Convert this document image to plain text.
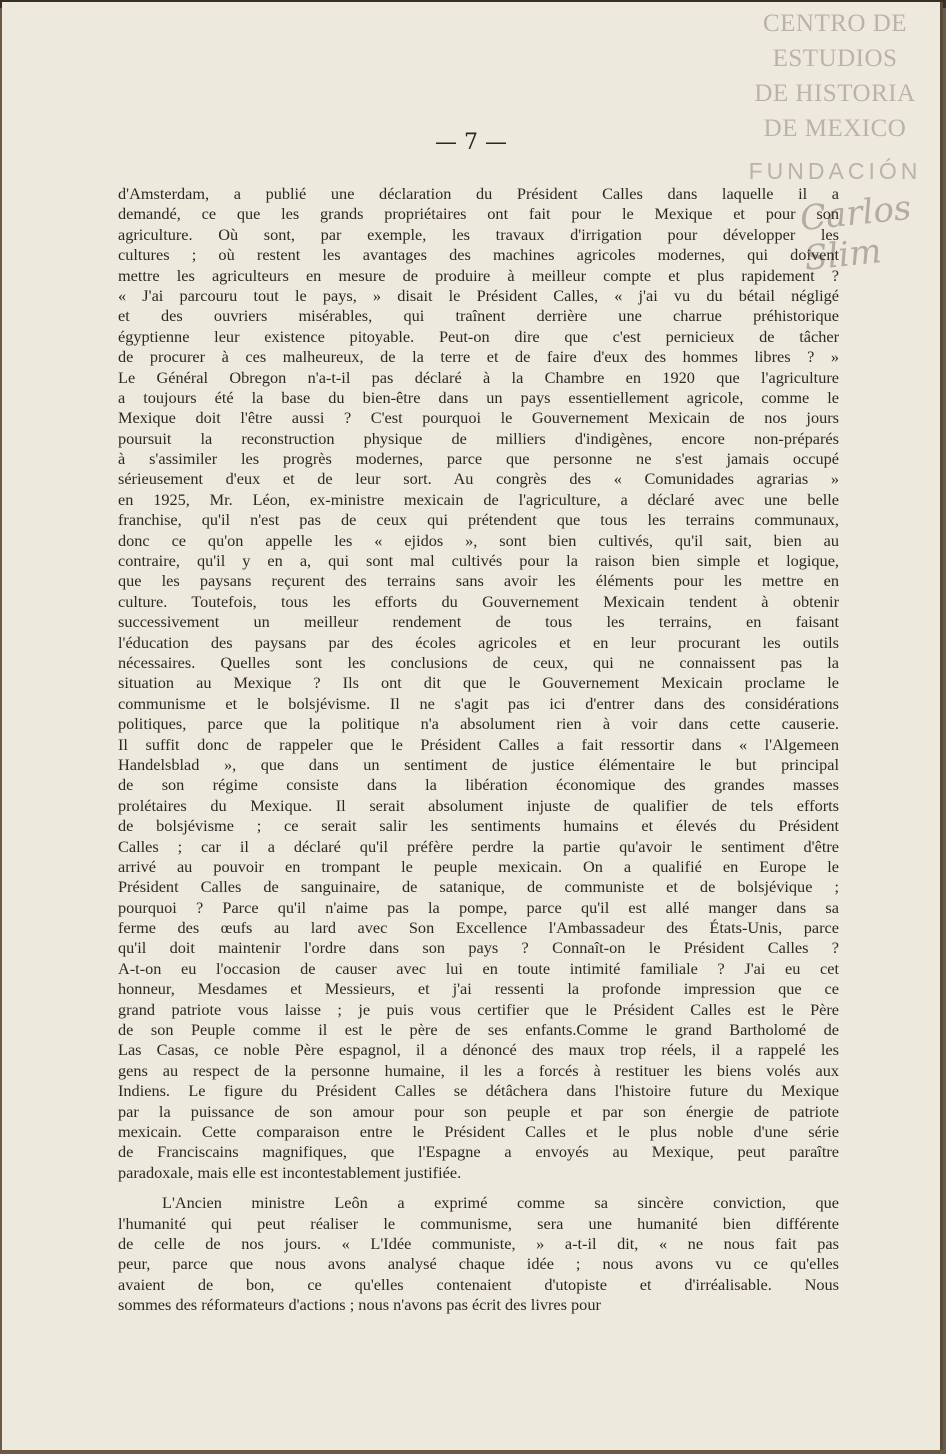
CENTRO DE
ESTUDIOS
DE HISTORIA
DE MEXICO
FUNDACIÓN
Carlos Slim
— 7 —
d'Amsterdam, a publié une déclaration du Président Calles dans laquelle il a
demandé, ce que les grands propriétaires ont fait pour le Mexique et pour son
agriculture. Où sont, par exemple, les travaux d'irrigation pour développer les
cultures ; où restent les avantages des machines agricoles modernes, qui doivent
mettre les agriculteurs en mesure de produire à meilleur compte et plus rapidement ?
« J'ai parcouru tout le pays, » disait le Président Calles, « j'ai vu du bétail négligé
et des ouvriers misérables, qui traînent derrière une charrue préhistorique
égyptienne leur existence pitoyable. Peut-on dire que c'est pernicieux de tâcher
de procurer à ces malheureux, de la terre et de faire d'eux des hommes libres ? »
Le Général Obregon n'a-t-il pas déclaré à la Chambre en 1920 que l'agriculture
a toujours été la base du bien-être dans un pays essentiellement agricole, comme le
Mexique doit l'être aussi ? C'est pourquoi le Gouvernement Mexicain de nos jours
poursuit la reconstruction physique de milliers d'indigènes, encore non-préparés
à s'assimiler les progrès modernes, parce que personne ne s'est jamais occupé
sérieusement d'eux et de leur sort. Au congrès des « Comunidades agrarias »
en 1925, Mr. Léon, ex-ministre mexicain de l'agriculture, a déclaré avec une belle
franchise, qu'il n'est pas de ceux qui prétendent que tous les terrains communaux,
donc ce qu'on appelle les « ejidos », sont bien cultivés, qu'il sait, bien au
contraire, qu'il y en a, qui sont mal cultivés pour la raison bien simple et logique,
que les paysans reçurent des terrains sans avoir les éléments pour les mettre en
culture. Toutefois, tous les efforts du Gouvernement Mexicain tendent à obtenir
successivement un meilleur rendement de tous les terrains, en faisant
l'éducation des paysans par des écoles agricoles et en leur procurant les outils
nécessaires. Quelles sont les conclusions de ceux, qui ne connaissent pas la
situation au Mexique ? Ils ont dit que le Gouvernement Mexicain proclame le
communisme et le bolsjévisme. Il ne s'agit pas ici d'entrer dans des considérations
politiques, parce que la politique n'a absolument rien à voir dans cette causerie.
Il suffit donc de rappeler que le Président Calles a fait ressortir dans « l'Algemeen
Handelsblad », que dans un sentiment de justice élémentaire le but principal
de son régime consiste dans la libération économique des grandes masses
prolétaires du Mexique. Il serait absolument injuste de qualifier de tels efforts
de bolsjévisme ; ce serait salir les sentiments humains et élevés du Président
Calles ; car il a déclaré qu'il préfère perdre la partie qu'avoir le sentiment d'être
arrivé au pouvoir en trompant le peuple mexicain. On a qualifié en Europe le
Président Calles de sanguinaire, de satanique, de communiste et de bolsjévique ;
pourquoi ? Parce qu'il n'aime pas la pompe, parce qu'il est allé manger dans sa
ferme des œufs au lard avec Son Excellence l'Ambassadeur des États-Unis, parce
qu'il doit maintenir l'ordre dans son pays ? Connaît-on le Président Calles ?
A-t-on eu l'occasion de causer avec lui en toute intimité familiale ? J'ai eu cet
honneur, Mesdames et Messieurs, et j'ai ressenti la profonde impression que ce
grand patriote vous laisse ; je puis vous certifier que le Président Calles est le Père
de son Peuple comme il est le père de ses enfants.Comme le grand Bartholomé de
Las Casas, ce noble Père espagnol, il a dénoncé des maux trop réels, il a rappelé les
gens au respect de la personne humaine, il les a forcés à restituer les biens volés aux
Indiens. Le figure du Président Calles se détâchera dans l'histoire future du Mexique
par la puissance de son amour pour son peuple et par son énergie de patriote
mexicain. Cette comparaison entre le Président Calles et le plus noble d'une série
de Franciscains magnifiques, que l'Espagne a envoyés au Mexique, peut paraître
paradoxale, mais elle est incontestablement justifiée.
L'Ancien ministre Leôn a exprimé comme sa sincère conviction, que
l'humanité qui peut réaliser le communisme, sera une humanité bien différente
de celle de nos jours. « L'Idée communiste, » a-t-il dit, « ne nous fait pas
peur, parce que nous avons analysé chaque idée ; nous avons vu ce qu'elles
avaient de bon, ce qu'elles contenaient d'utopiste et d'irréalisable. Nous
sommes des réformateurs d'actions ; nous n'avons pas écrit des livres pour
